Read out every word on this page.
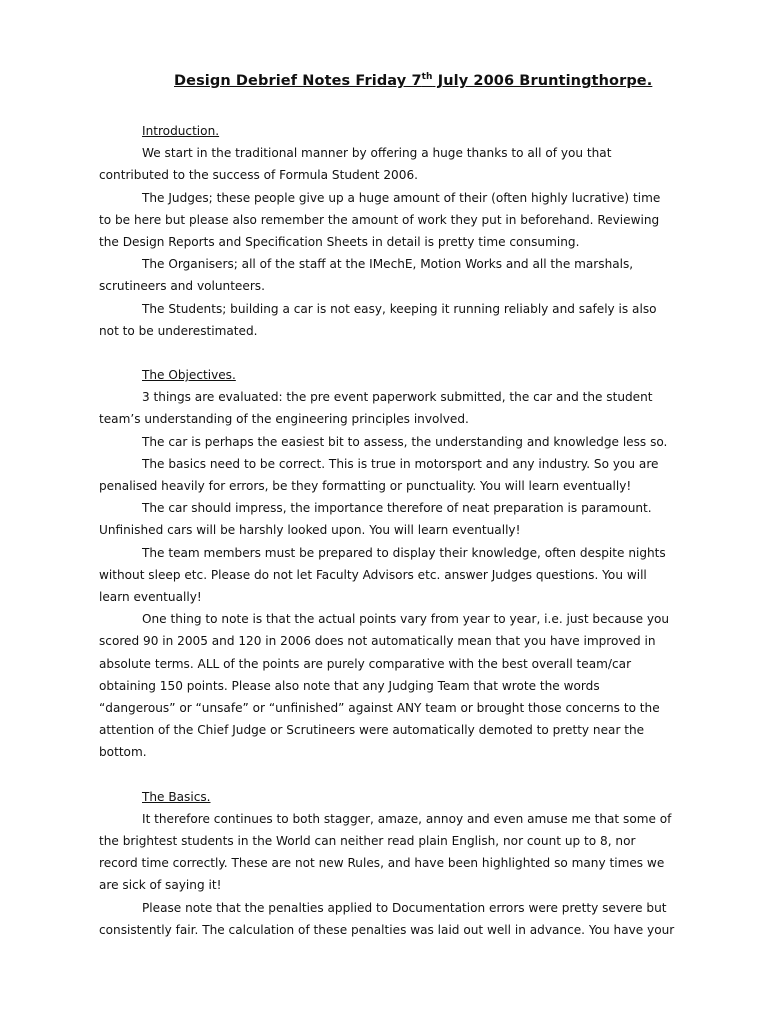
Design Debrief Notes Friday 7th July 2006 Bruntingthorpe.
Introduction.
We start in the traditional manner by offering a huge thanks to all of you that
contributed to the success of Formula Student 2006.
The Judges; these people give up a huge amount of their (often highly lucrative) time
to be here but please also remember the amount of work they put in beforehand. Reviewing
the Design Reports and Specification Sheets in detail is pretty time consuming.
The Organisers; all of the staff at the IMechE, Motion Works and all the marshals,
scrutineers and volunteers.
The Students; building a car is not easy, keeping it running reliably and safely is also
not to be underestimated.
The Objectives.
3 things are evaluated: the pre event paperwork submitted, the car and the student
team’s understanding of the engineering principles involved.
The car is perhaps the easiest bit to assess, the understanding and knowledge less so.
The basics need to be correct. This is true in motorsport and any industry. So you are
penalised heavily for errors, be they formatting or punctuality. You will learn eventually!
The car should impress, the importance therefore of neat preparation is paramount.
Unfinished cars will be harshly looked upon. You will learn eventually!
The team members must be prepared to display their knowledge, often despite nights
without sleep etc. Please do not let Faculty Advisors etc. answer Judges questions. You will
learn eventually!
One thing to note is that the actual points vary from year to year, i.e. just because you
scored 90 in 2005 and 120 in 2006 does not automatically mean that you have improved in
absolute terms. ALL of the points are purely comparative with the best overall team/car
obtaining 150 points. Please also note that any Judging Team that wrote the words
“dangerous” or “unsafe” or “unfinished” against ANY team or brought those concerns to the
attention of the Chief Judge or Scrutineers were automatically demoted to pretty near the
bottom.
The Basics.
It therefore continues to both stagger, amaze, annoy and even amuse me that some of
the brightest students in the World can neither read plain English, nor count up to 8, nor
record time correctly. These are not new Rules, and have been highlighted so many times we
are sick of saying it!
Please note that the penalties applied to Documentation errors were pretty severe but
consistently fair. The calculation of these penalties was laid out well in advance. You have your
